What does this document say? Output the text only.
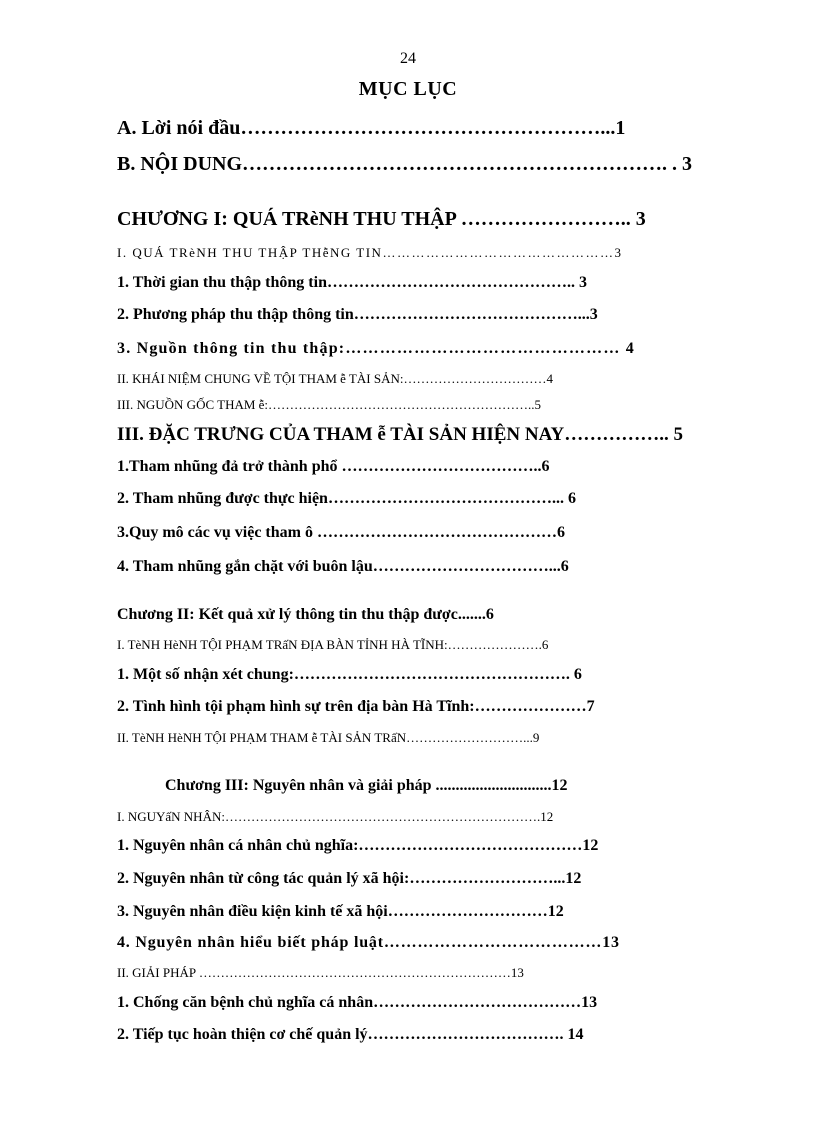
24
MỤC LỤC
A. Lời nói đầu………………………………………………...1
B. NỘI DUNG………………………………………………………. . 3
CHƯƠNG I: QUÁ TRèNH THU THẬP …………………….. 3
I. QUÁ TRèNH THU THẬP THễNG TIN…………………………………………3
1. Thời gian thu thập thông tin……………………………………….. 3
2. Phương pháp thu thập thông tin……………………………………...3
3. Nguồn thông tin thu thập:………………………………………… 4
II. KHÁI NIỆM CHUNG VỀ TỘI THAM ễ TÀI SẢN:……………………………4
III. NGUỒN GỐC THAM ễ:……………………………………………………..5
III. ĐẶC TRƯNG CỦA THAM ễ TÀI SẢN HIỆN NAY…………….. 5
1.Tham nhũng đả trở thành phổ ………………………………..6
2. Tham nhũng được thực hiện……………………………………... 6
3.Quy mô các vụ việc tham ô ………………………………………6
4. Tham nhũng gắn chặt với buôn lậu……………………………...6
Chương II: Kết quả xử lý thông tin thu thập được.......6
I. TèNH HèNH TỘI PHẠM TRấN ĐỊA BÀN TỈNH HÀ TĨNH:………………….6
1. Một số nhận xét chung:……………………………………………. 6
2. Tình hình tội phạm hình sự trên địa bàn Hà Tĩnh:…………………7
II. TèNH HèNH TỘI PHẠM THAM ễ TÀI SẢN TRấN………………………...9
Chương III: Nguyên nhân và giải pháp .............................12
I. NGUYấN NHÂN:……………………………………………………………….12
1. Nguyên nhân cá nhân chủ nghĩa:……………………………………12
2. Nguyên nhân từ công tác quản lý xã hội:………………………...12
3. Nguyên nhân điều kiện kinh tế xã hội…………………………12
4. Nguyên nhân hiểu biết pháp luật…………………………………13
II. GIẢI PHÁP ………………………………………………………………13
1. Chống căn bệnh chủ nghĩa cá nhân…………………………………13
2. Tiếp tục hoàn thiện cơ chế quản lý………………………………. 14
